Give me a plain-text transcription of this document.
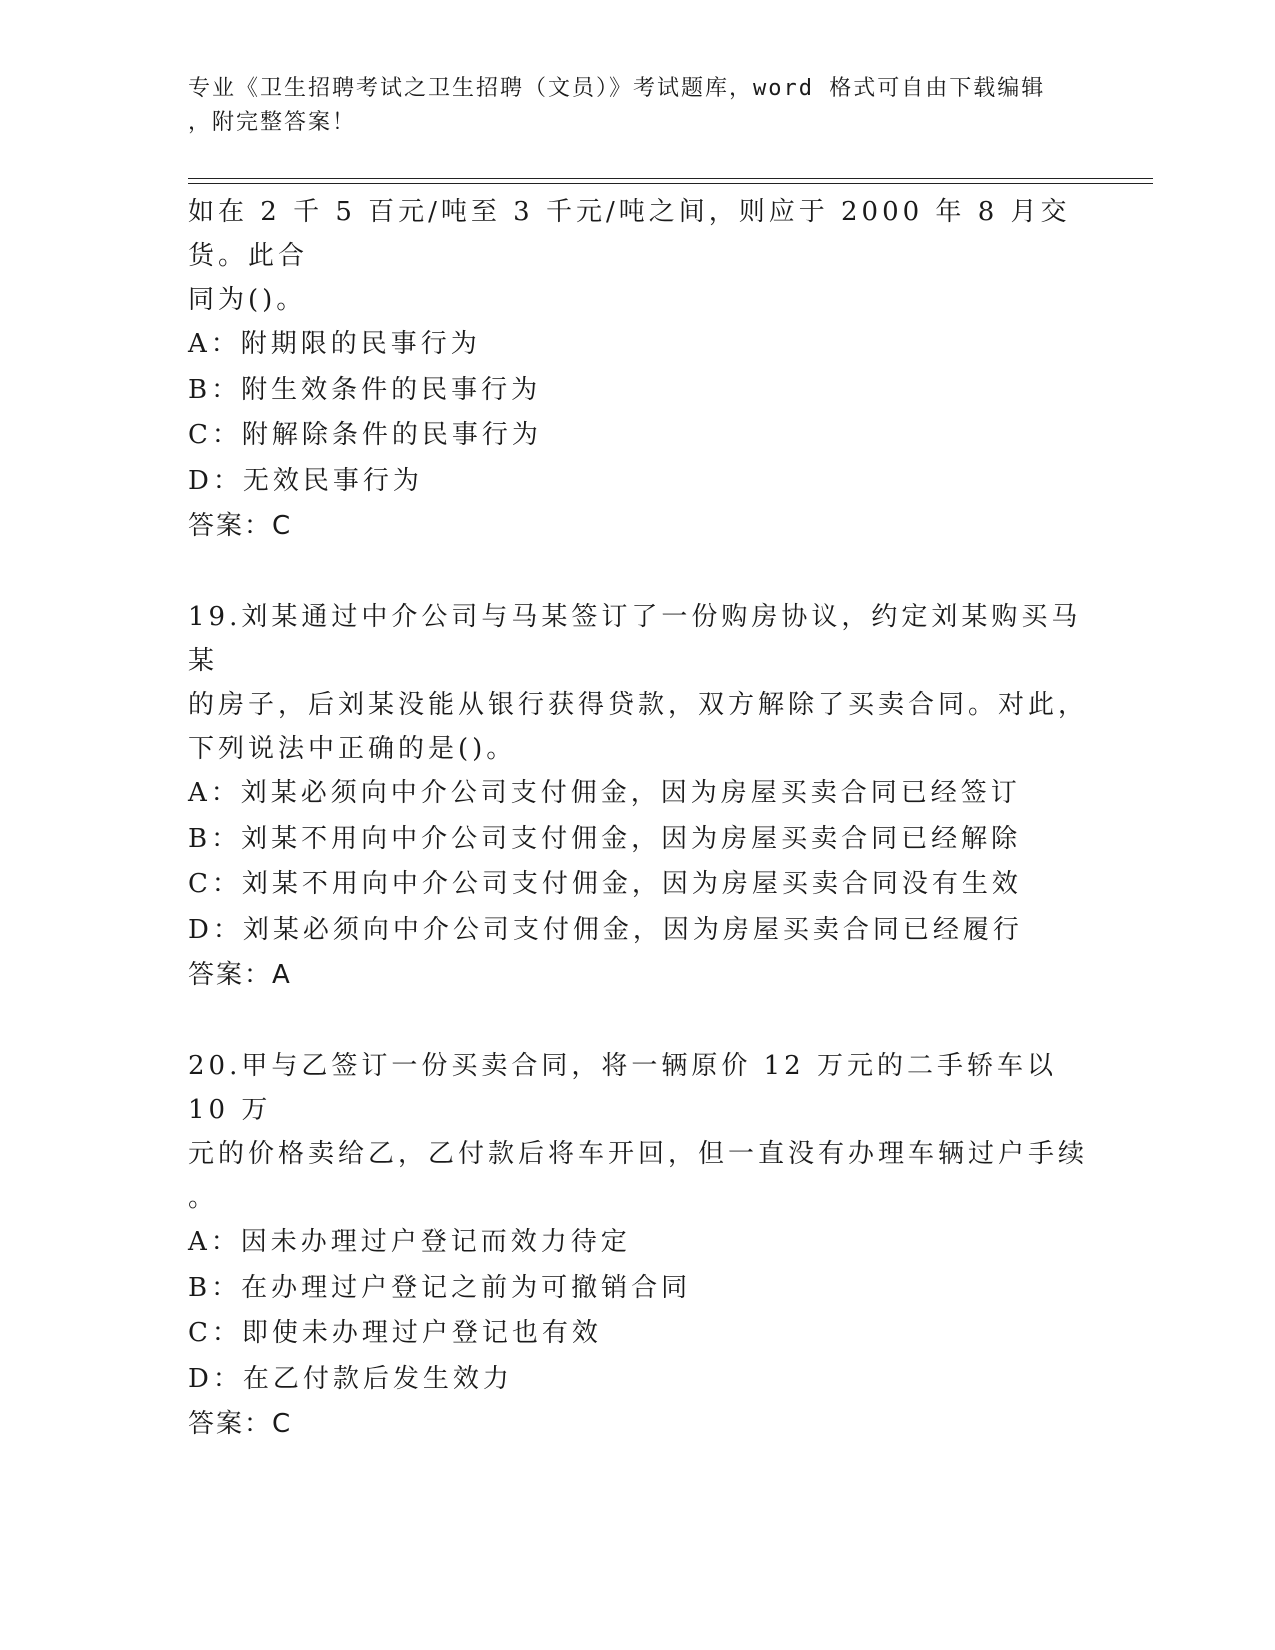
专业《卫生招聘考试之卫生招聘（文员）》考试题库，word 格式可自由下载编辑
，附完整答案！

如在 2 千 5 百元/吨至 3 千元/吨之间，则应于 2000 年 8 月交货。此合

同为()。

A：附期限的民事行为

B：附生效条件的民事行为

C：附解除条件的民事行为

D：无效民事行为

答案：C

19.刘某通过中介公司与马某签订了一份购房协议，约定刘某购买马某

的房子，后刘某没能从银行获得贷款，双方解除了买卖合同。对此，

下列说法中正确的是()。

A：刘某必须向中介公司支付佣金，因为房屋买卖合同已经签订

B：刘某不用向中介公司支付佣金，因为房屋买卖合同已经解除

C：刘某不用向中介公司支付佣金，因为房屋买卖合同没有生效

D：刘某必须向中介公司支付佣金，因为房屋买卖合同已经履行

答案：A

20.甲与乙签订一份买卖合同，将一辆原价 12 万元的二手轿车以 10 万

元的价格卖给乙，乙付款后将车开回，但一直没有办理车辆过户手续

。

A：因未办理过户登记而效力待定

B：在办理过户登记之前为可撤销合同

C：即使未办理过户登记也有效

D：在乙付款后发生效力

答案：C
